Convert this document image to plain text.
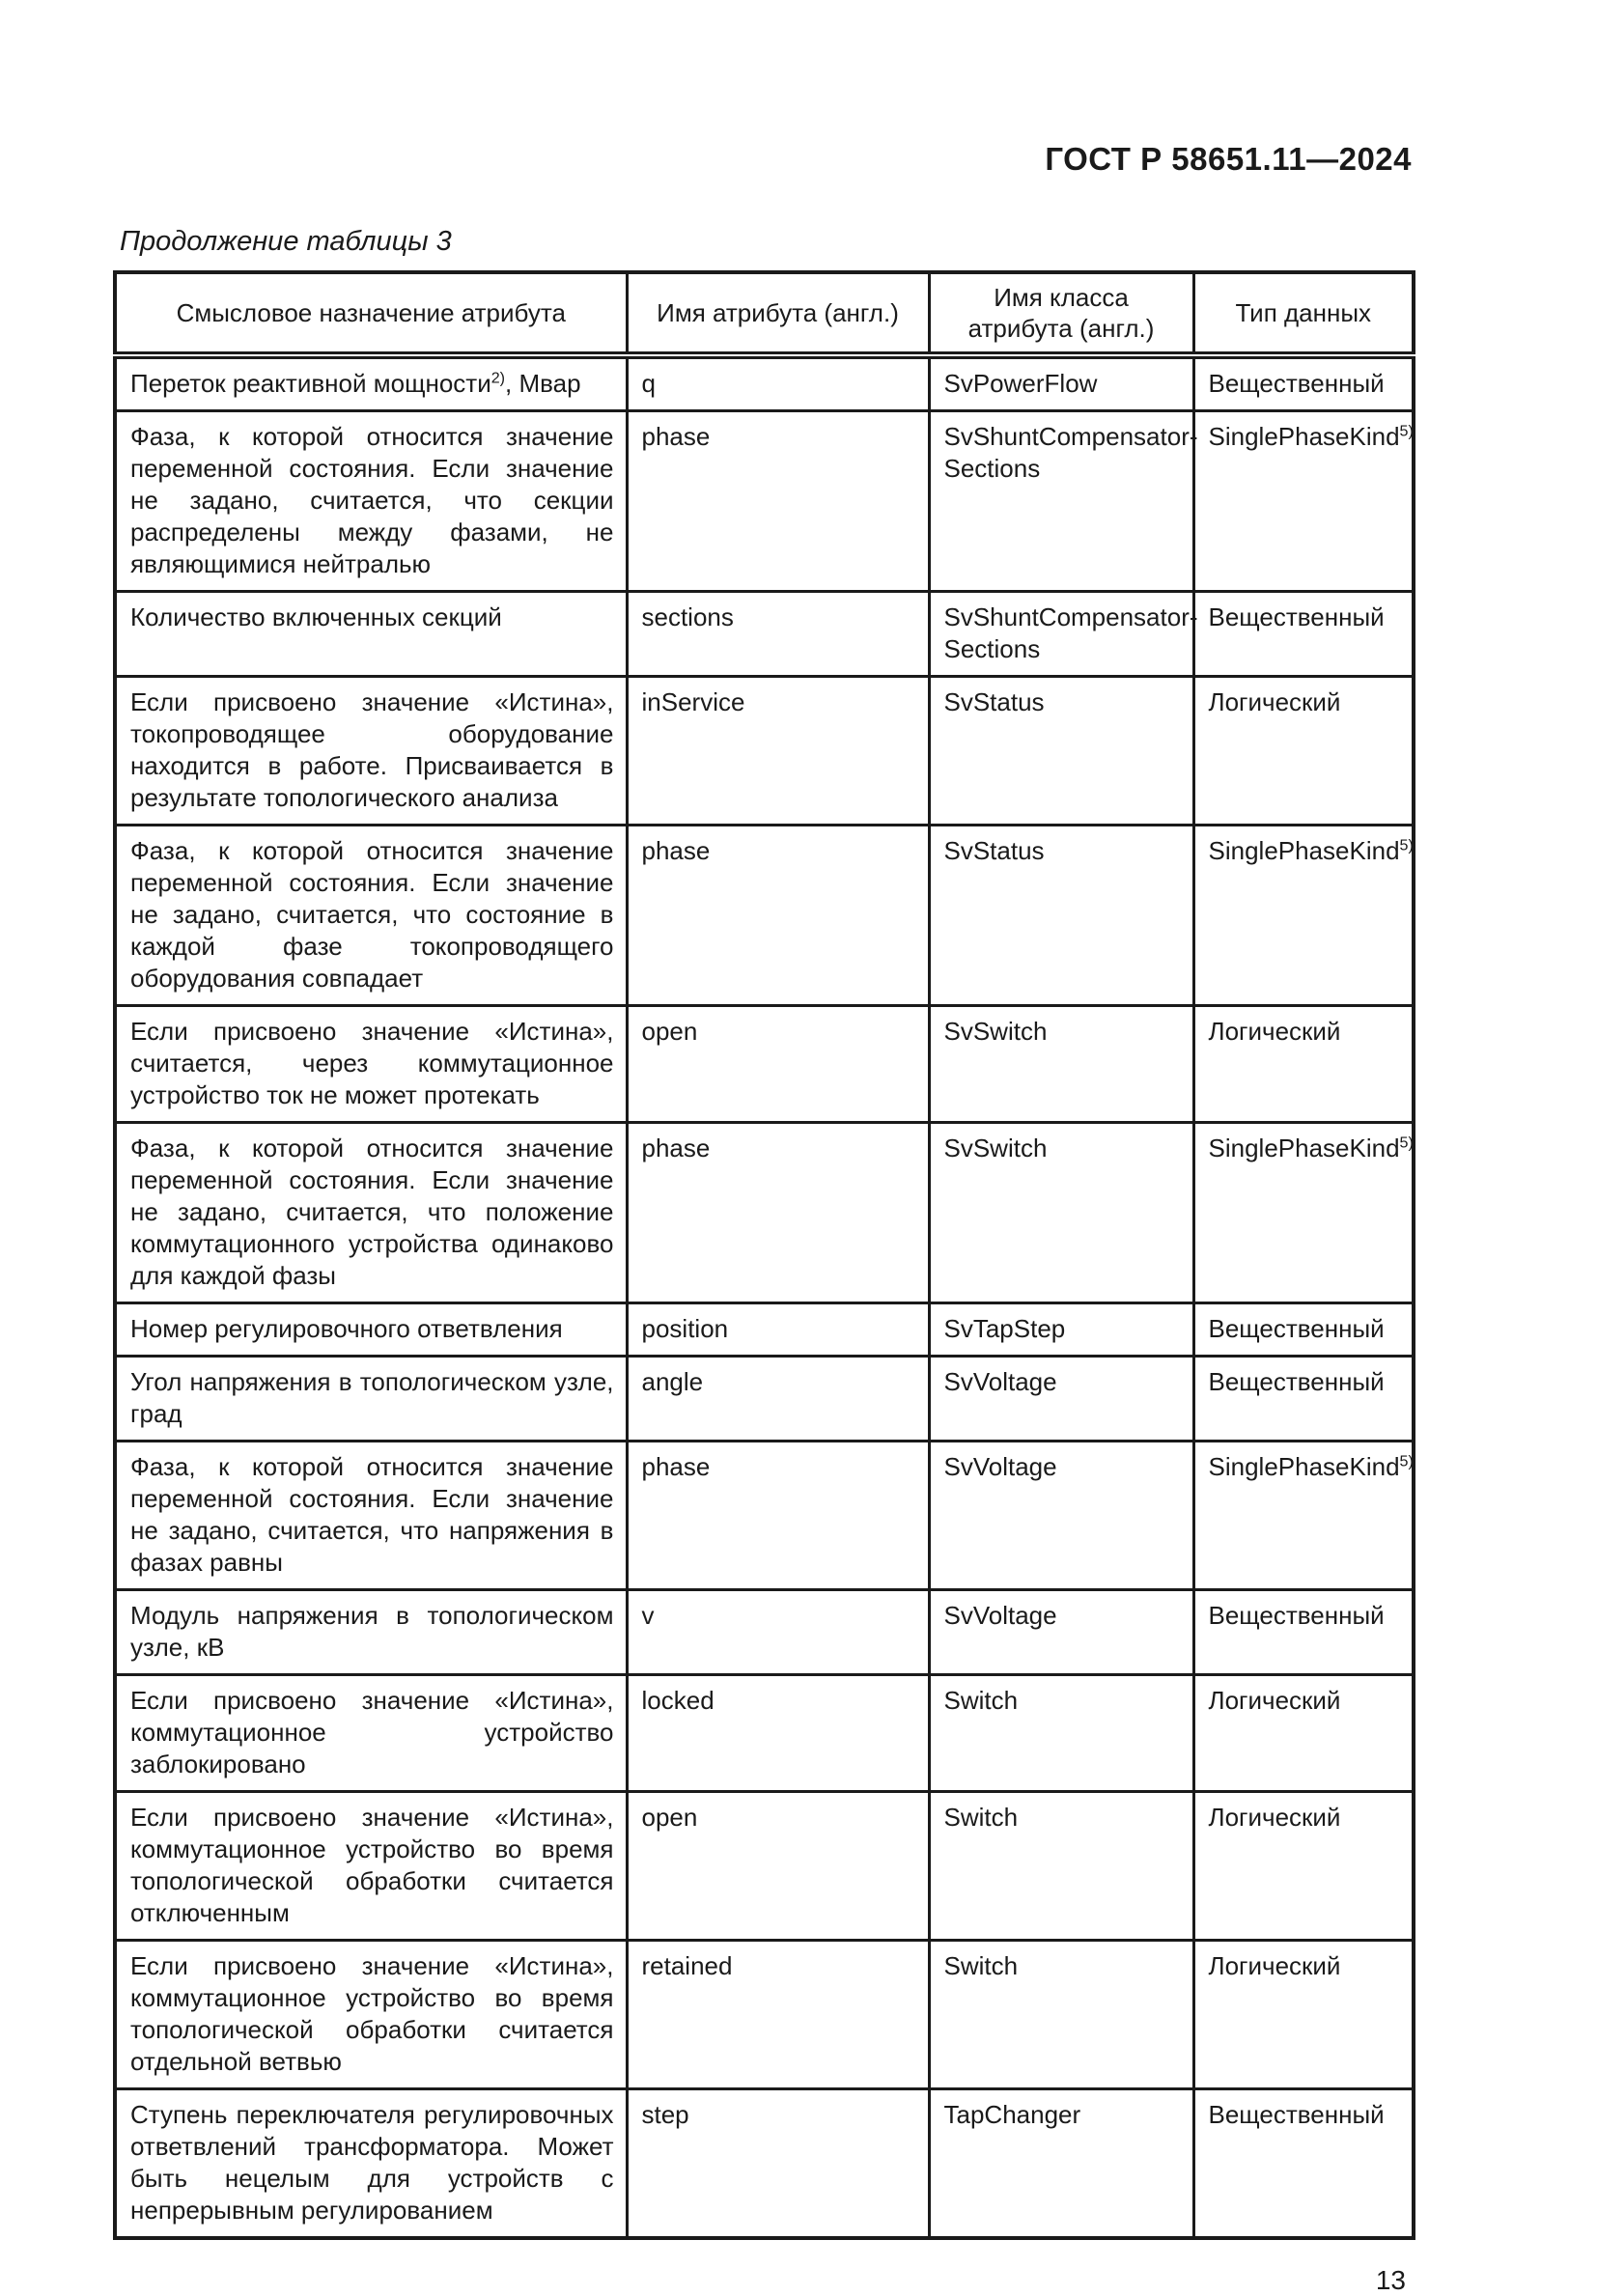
ГОСТ Р 58651.11—2024
Продолжение таблицы 3
Смысловое назначение атрибута	Имя атрибута (англ.)	Имя класса атрибута (англ.)	Тип данных
Переток реактивной мощности$^{2)}$, Мвар	q	SvPowerFlow	Вещественный
Фаза, к которой относится значение переменной состояния. Если значение не задано, считается, что секции распределены между фазами, не являющимися нейтралью	phase	SvShuntCompensator-Sections	SinglePhaseKind$^{5)}$
Количество включенных секций	sections	SvShuntCompensator-Sections	Вещественный
Если присвоено значение «Истина», токопроводящее оборудование находится в работе. Присваивается в результате топологического анализа	inService	SvStatus	Логический
Фаза, к которой относится значение переменной состояния. Если значение не задано, считается, что состояние в каждой фазе токопроводящего оборудования совпадает	phase	SvStatus	SinglePhaseKind$^{5)}$
Если присвоено значение «Истина», считается, через коммутационное устройство ток не может протекать	open	SvSwitch	Логический
Фаза, к которой относится значение переменной состояния. Если значение не задано, считается, что положение коммутационного устройства одинаково для каждой фазы	phase	SvSwitch	SinglePhaseKind$^{5)}$
Номер регулировочного ответвления	position	SvTapStep	Вещественный
Угол напряжения в топологическом узле, град	angle	SvVoltage	Вещественный
Фаза, к которой относится значение переменной состояния. Если значение не задано, считается, что напряжения в фазах равны	phase	SvVoltage	SinglePhaseKind$^{5)}$
Модуль напряжения в топологическом узле, кВ	v	SvVoltage	Вещественный
Если присвоено значение «Истина», коммутационное устройство заблокировано	locked	Switch	Логический
Если присвоено значение «Истина», коммутационное устройство во время топологической обработки считается отключенным	open	Switch	Логический
Если присвоено значение «Истина», коммутационное устройство во время топологической обработки считается отдельной ветвью	retained	Switch	Логический
Ступень переключателя регулировочных ответвлений трансформатора. Может быть нецелым для устройств с непрерывным регулированием	step	TapChanger	Вещественный
13
